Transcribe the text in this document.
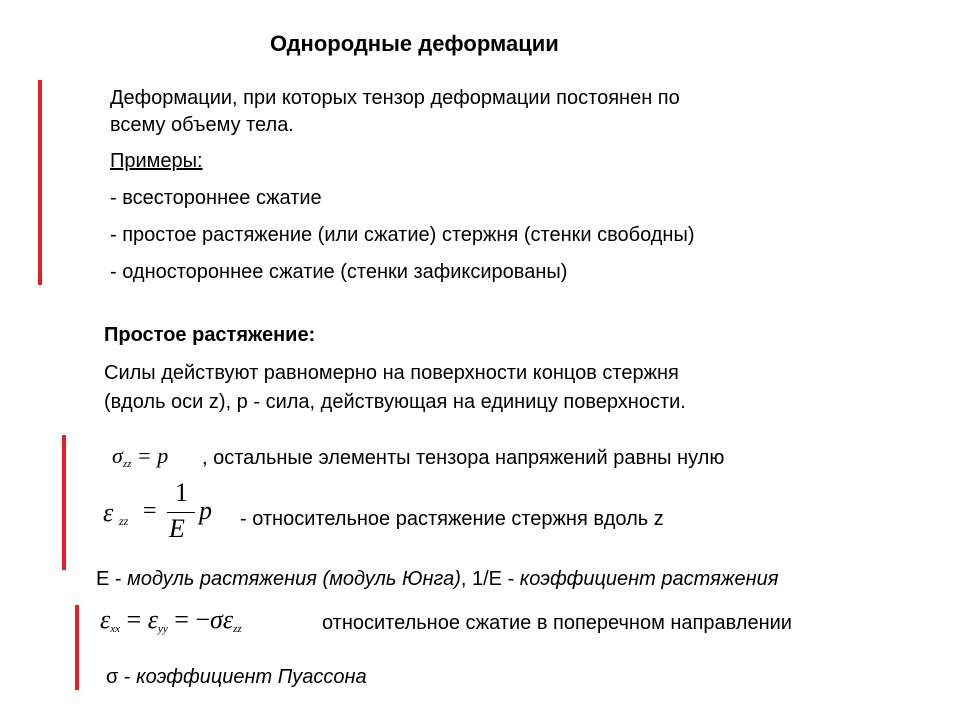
Однородные деформации
Деформации, при которых тензор деформации постоянен по
всему объему тела.
Примеры:
- всестороннее сжатие
- простое растяжение (или сжатие) стержня (стенки свободны)
- одностороннее сжатие (стенки зафиксированы)
Простое растяжение:
Силы действуют равномерно на поверхности концов стержня
(вдоль оси z), p - сила, действующая на единицу поверхности.
$\sigma_{zz} = p$ , остальные элементы тензора напряжений равны нулю
ε zz =
1
E
p - относительное растяжение стержня вдоль z
Е - модуль растяжения (модуль Юнга), 1/E - коэффициент растяжения
$\varepsilon_{xx} = \varepsilon_{yy} = -\sigma\varepsilon_{zz}$	относительное сжатие в поперечном направлении
σ - коэффициент Пуассона
